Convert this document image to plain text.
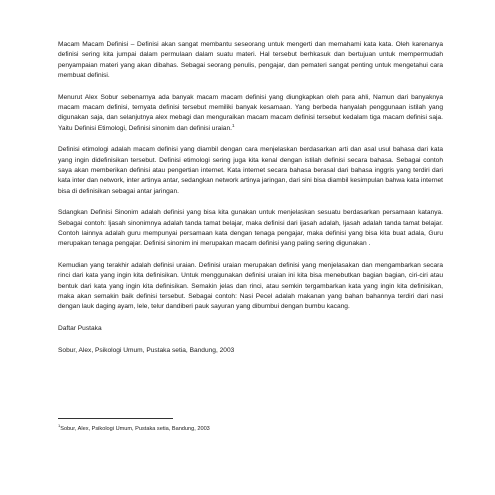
Macam Macam Definisi – Definisi akan sangat membantu seseorang untuk mengerti dan memahami kata kata. Oleh karenanya definisi sering kita jumpai dalam permulaan dalam suatu materi. Hal tersebut berhkasuk dan bertujuan untuk mempermudah penyampaian materi yang akan dibahas. Sebagai seorang penulis, pengajar, dan pemateri sangat penting untuk mengetahui cara membuat definisi.

Menurut Alex Sobur sebenarnya ada banyak macam macam definisi yang diungkapkan oleh para ahli, Namun dari banyaknya macam macam definisi, ternyata definisi tersebut memiliki banyak kesamaan. Yang berbeda hanyalah penggunaan istilah yang digunakan saja, dan selanjutnya alex mebagi dan menguraikan macam macam definisi tersebut kedalam tiga macam definisi saja. Yaitu Definisi Etimologi, Definisi sinonim dan definisi uraian.$^1$

Definisi etimologi adalah macam definisi yang diambil dengan cara menjelaskan berdasarkan arti dan asal usul bahasa dari kata yang ingin didefinisikan tersebut. Definisi etimologi sering juga kita kenal dengan istilah definisi secara bahasa. Sebagai contoh saya akan memberikan definisi atau pengertian internet. Kata internet secara bahasa berasal dari bahasa inggris yang terdiri dari kata inter dan network, inter artinya antar, sedangkan network artinya jaringan, dari sini bisa diambil kesimpulan bahwa kata internet bisa di definisikan sebagai antar jaringan.

Sdangkan Definisi Sinonim adalah definisi yang bisa kita gunakan untuk menjelaskan sesuatu berdasarkan persamaan katanya. Sebagai contoh: Ijasah sinonimnya adalah tanda tamat belajar, maka definisi dari ijasah adalah, Ijasah adalah tanda tamat belajar. Contoh lainnya adalah guru mempunyai persamaan kata dengan tenaga pengajar, maka definisi yang bisa kita buat adala, Guru merupakan tenaga pengajar. Definisi sinonim ini merupakan macam definisi yang paling sering digunakan .

Kemudian yang terakhir adalah definisi uraian. Definisi uraian merupakan definisi yang menjelasakan dan mengambarkan secara rinci dari kata yang ingin kita definisikan. Untuk menggunakan definisi uraian ini kita bisa menebutkan bagian bagian, ciri-ciri atau bentuk dari kata yang ingin kita definisikan. Semakin jelas dan rinci, atau semkin tergambarkan kata yang ingin kita definisikan, maka akan semakin baik definisi tersebut. Sebagai contoh: Nasi Pecel adalah makanan yang bahan bahannya terdiri dari nasi dengan lauk daging ayam, lele, telur dandiberi pauk sayuran yang dibumbui dengan bumbu kacang.

Daftar Pustaka

Sobur, Alex, Psikologi Umum, Pustaka setia, Bandung, 2003

$^1$Sobur, Alex, Psikologi Umum, Pustaka setia, Bandung, 2003
